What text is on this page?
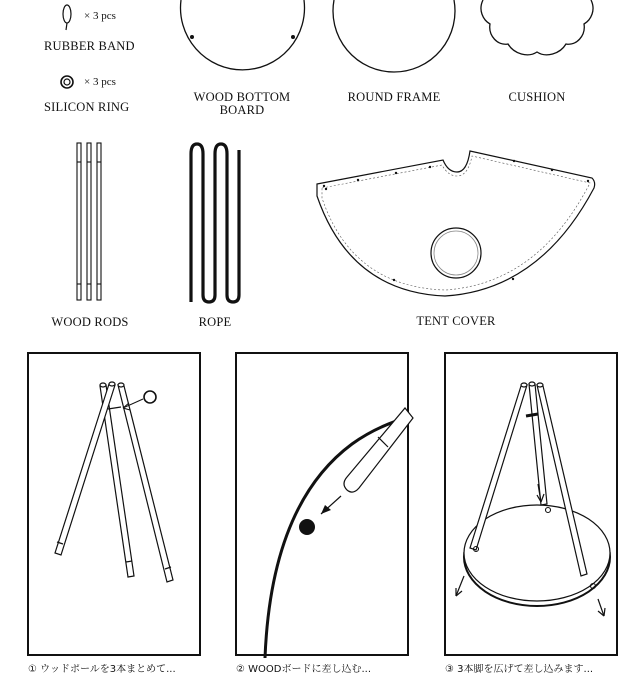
× 3 pcs
RUBBER BAND
× 3 pcs
SILICON RING
WOOD BOTTOM
BOARD
ROUND FRAME	CUSHION
WOOD RODS	ROPE	TENT COVER
① ウッドポールを3本まとめて...	② WOODボードに差し込む...	③ 3本脚を広げて差し込みます...
